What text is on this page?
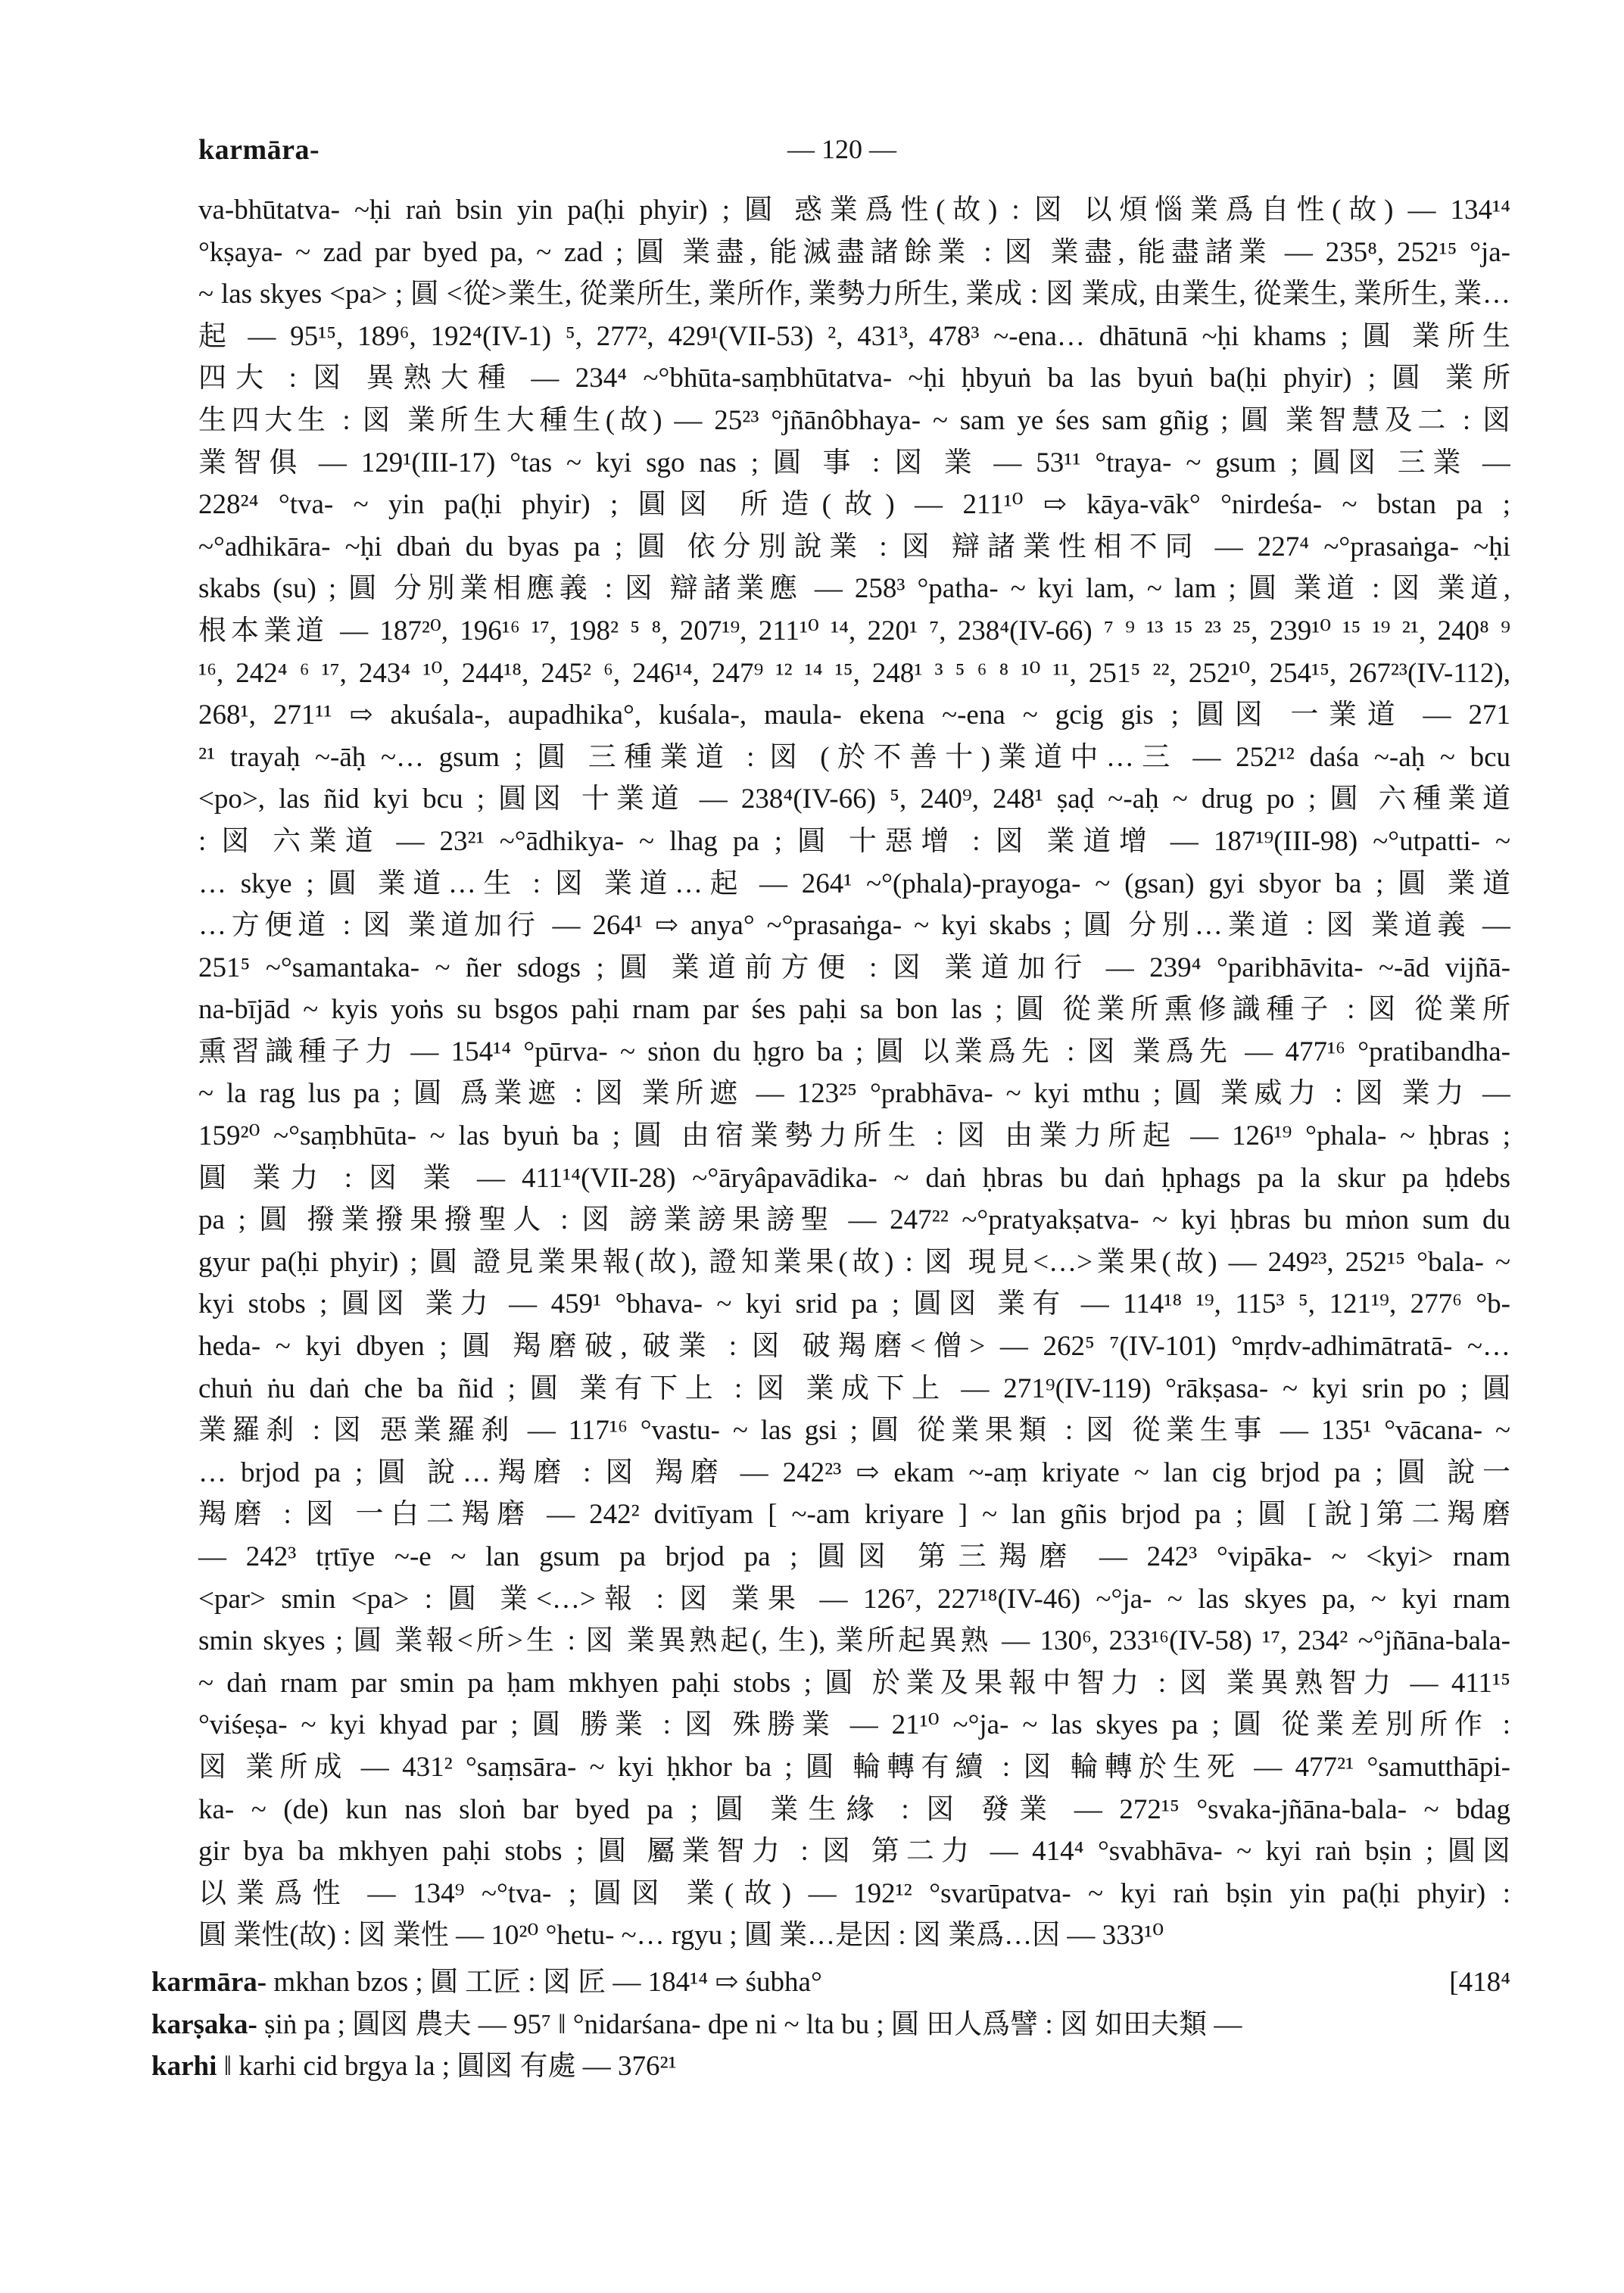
karmāra-	— 120 —
va-bhūtatva- ~ḥi raṅ bsin yin pa(ḥi phyir) ; 圓 惑業爲性(故) : 図 以煩惱業爲自性(故) — 134¹⁴
°kṣaya- ~ zad par byed pa, ~ zad ; 圓 業盡, 能滅盡諸餘業 : 図 業盡, 能盡諸業 — 235⁸, 252¹⁵ °ja-
~ las skyes <pa> ; 圓 <從>業生, 從業所生, 業所作, 業勢力所生, 業成 : 図 業成, 由業生, 從業生, 業所生, 業…
起 — 95¹⁵, 189⁶, 192⁴(IV-1) ⁵, 277², 429¹(VII-53) ², 431³, 478³ ~-ena… dhātunā ~ḥi khams ; 圓 業所生
四大 : 図 異熟大種 — 234⁴ ~°bhūta-saṃbhūtatva- ~ḥi ḥbyuṅ ba las byuṅ ba(ḥi phyir) ; 圓 業所
生四大生 : 図 業所生大種生(故) — 25²³ °jñānôbhaya- ~ sam ye śes sam gñig ; 圓 業智慧及二 : 図
業智俱 — 129¹(III-17) °tas ~ kyi sgo nas ; 圓 事 : 図 業 — 53¹¹ °traya- ~ gsum ; 圓図 三業 —
228²⁴ °tva- ~ yin pa(ḥi phyir) ; 圓図 所造(故) — 211¹⁰ ⇨ kāya-vāk° °nirdeśa- ~ bstan pa ;
~°adhikāra- ~ḥi dbaṅ du byas pa ; 圓 依分別說業 : 図 辯諸業性相不同 — 227⁴ ~°prasaṅga- ~ḥi
skabs (su) ; 圓 分別業相應義 : 図 辯諸業應 — 258³ °patha- ~ kyi lam, ~ lam ; 圓 業道 : 図 業道,
根本業道 — 187²⁰, 196¹⁶ ¹⁷, 198² ⁵ ⁸, 207¹⁹, 211¹⁰ ¹⁴, 220¹ ⁷, 238⁴(IV-66) ⁷ ⁹ ¹³ ¹⁵ ²³ ²⁵, 239¹⁰ ¹⁵ ¹⁹ ²¹, 240⁸ ⁹
¹⁶, 242⁴ ⁶ ¹⁷, 243⁴ ¹⁰, 244¹⁸, 245² ⁶, 246¹⁴, 247⁹ ¹² ¹⁴ ¹⁵, 248¹ ³ ⁵ ⁶ ⁸ ¹⁰ ¹¹, 251⁵ ²², 252¹⁰, 254¹⁵, 267²³(IV-112),
268¹, 271¹¹ ⇨ akuśala-, aupadhika°, kuśala-, maula- ekena ~-ena ~ gcig gis ; 圓図 一業道 — 271
²¹ trayaḥ ~-āḥ ~… gsum ; 圓 三種業道 : 図 (於不善十)業道中…三 — 252¹² daśa ~-aḥ ~ bcu
<po>, las ñid kyi bcu ; 圓図 十業道 — 238⁴(IV-66) ⁵, 240⁹, 248¹ ṣaḍ ~-aḥ ~ drug po ; 圓 六種業道
: 図 六業道 — 23²¹ ~°ādhikya- ~ lhag pa ; 圓 十惡增 : 図 業道增 — 187¹⁹(III-98) ~°utpatti- ~
… skye ; 圓 業道…生 : 図 業道…起 — 264¹ ~°(phala)-prayoga- ~ (gsan) gyi sbyor ba ; 圓 業道
…方便道 : 図 業道加行 — 264¹ ⇨ anya° ~°prasaṅga- ~ kyi skabs ; 圓 分別…業道 : 図 業道義 —
251⁵ ~°samantaka- ~ ñer sdogs ; 圓 業道前方便 : 図 業道加行 — 239⁴ °paribhāvita- ~-ād vijñā-
na-bījād ~ kyis yoṅs su bsgos paḥi rnam par śes paḥi sa bon las ; 圓 從業所熏修識種子 : 図 從業所
熏習識種子力 — 154¹⁴ °pūrva- ~ sṅon du ḥgro ba ; 圓 以業爲先 : 図 業爲先 — 477¹⁶ °pratibandha-
~ la rag lus pa ; 圓 爲業遮 : 図 業所遮 — 123²⁵ °prabhāva- ~ kyi mthu ; 圓 業威力 : 図 業力 —
159²⁰ ~°saṃbhūta- ~ las byuṅ ba ; 圓 由宿業勢力所生 : 図 由業力所起 — 126¹⁹ °phala- ~ ḥbras ;
圓 業力 : 図 業 — 411¹⁴(VII-28) ~°āryâpavādika- ~ daṅ ḥbras bu daṅ ḥphags pa la skur pa ḥdebs
pa ; 圓 撥業撥果撥聖人 : 図 謗業謗果謗聖 — 247²² ~°pratyakṣatva- ~ kyi ḥbras bu mṅon sum du
gyur pa(ḥi phyir) ; 圓 證見業果報(故), 證知業果(故) : 図 現見<…>業果(故) — 249²³, 252¹⁵ °bala- ~
kyi stobs ; 圓図 業力 — 459¹ °bhava- ~ kyi srid pa ; 圓図 業有 — 114¹⁸ ¹⁹, 115³ ⁵, 121¹⁹, 277⁶ °b-
heda- ~ kyi dbyen ; 圓 羯磨破, 破業 : 図 破羯磨<僧> — 262⁵ ⁷(IV-101) °mṛdv-adhimātratā- ~…
chuṅ ṅu daṅ che ba ñid ; 圓 業有下上 : 図 業成下上 — 271⁹(IV-119) °rākṣasa- ~ kyi srin po ; 圓
業羅刹 : 図 惡業羅刹 — 117¹⁶ °vastu- ~ las gsi ; 圓 從業果類 : 図 從業生事 — 135¹ °vācana- ~
… brjod pa ; 圓 說…羯磨 : 図 羯磨 — 242²³ ⇨ ekam ~-aṃ kriyate ~ lan cig brjod pa ; 圓 說一
羯磨 : 図 一白二羯磨 — 242² dvitīyam [ ~-am kriyare ] ~ lan gñis brjod pa ; 圓 [說]第二羯磨
— 242³ tṛtīye ~-e ~ lan gsum pa brjod pa ; 圓図 第三羯磨 — 242³ °vipāka- ~ <kyi> rnam
<par> smin <pa> : 圓 業<…>報 : 図 業果 — 126⁷, 227¹⁸(IV-46) ~°ja- ~ las skyes pa, ~ kyi rnam
smin skyes ; 圓 業報<所>生 : 図 業異熟起(, 生), 業所起異熟 — 130⁶, 233¹⁶(IV-58) ¹⁷, 234² ~°jñāna-bala-
~ daṅ rnam par smin pa ḥam mkhyen paḥi stobs ; 圓 於業及果報中智力 : 図 業異熟智力 — 411¹⁵
°viśeṣa- ~ kyi khyad par ; 圓 勝業 : 図 殊勝業 — 21¹⁰ ~°ja- ~ las skyes pa ; 圓 從業差別所作 :
図 業所成 — 431² °saṃsāra- ~ kyi ḥkhor ba ; 圓 輪轉有續 : 図 輪轉於生死 — 477²¹ °samutthāpi-
ka- ~ (de) kun nas sloṅ bar byed pa ; 圓 業生緣 : 図 發業 — 272¹⁵ °svaka-jñāna-bala- ~ bdag
gir bya ba mkhyen paḥi stobs ; 圓 屬業智力 : 図 第二力 — 414⁴ °svabhāva- ~ kyi raṅ bṣin ; 圓図
以業爲性 — 134⁹ ~°tva- ; 圓図 業(故) — 192¹² °svarūpatva- ~ kyi raṅ bṣin yin pa(ḥi phyir) :
圓 業性(故) : 図 業性 — 10²⁰ °hetu- ~… rgyu ; 圓 業…是因 : 図 業爲…因 — 333¹⁰
karmāra- mkhan bzos ; 圓 工匠 : 図 匠 — 184¹⁴ ⇨ śubha°	[418⁴
karṣaka- ṣiṅ pa ; 圓図 農夫 — 95⁷ ‖ °nidarśana- dpe ni ~ lta bu ; 圓 田人爲譬 : 図 如田夫類 —
karhi ‖ karhi cid brgya la ; 圓図 有處 — 376²¹
